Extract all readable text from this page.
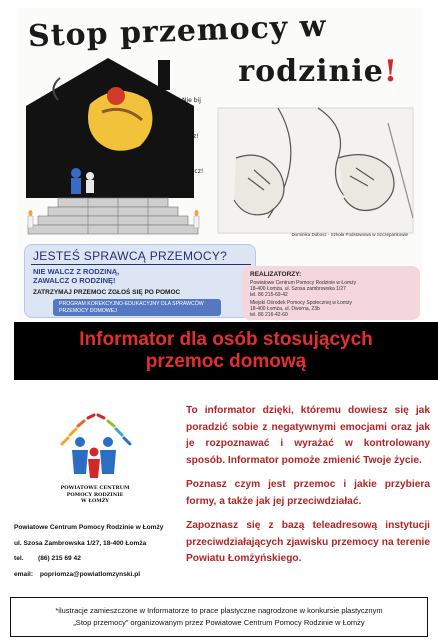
Nie bij
Nie dręcz!
Nie krzycz!
Stop przemocy w
rodzinie!
Dominika Dobosz - Szkoła Podstawowa w Szczepankowie
JESTEŚ SPRAWCĄ PRZEMOCY?
NIE WALCZ Z RODZINĄ,
ZAWALCZ O RODZINĘ!
ZATRZYMAJ PRZEMOC ZGŁOŚ SIĘ PO POMOC
PROGRAM KOREKCYJNO-EDUKACYJNY DLA SPRAWCÓW
PRZEMOCY DOMOWEJ
REALIZATORZY:
Powiatowe Centrum Pomocy Rodzinie w Łomży
18-400 Łomża, ul. Szosa zambrowska 1/27
tel. 86 215-69-42
Miejski Ośrodek Pomocy Społecznej w Łomży
18-400 Łomża, ul. Dworna, 23b
tel. 86 216-42-60
Informator dla osób stosujących
przemoc domową
POWIATOWE CENTRUM
POMOCY RODZINIE
W ŁOMŻY
Powiatowe Centrum Pomocy Rodzinie w Łomży
ul. Szosa Zambrowska 1/27, 18-400 Łomża
tel. (86) 215 69 42
email: popriomza@powiatlomzynski.pl

To informator dzięki, któremu dowiesz się jak poradzić sobie z negatywnymi emocjami oraz jak je rozpoznawać i wyrażać w kontrolowany sposób. Informator pomoże zmienić Twoje życie.

Poznasz czym jest przemoc i jakie przybiera formy, a także jak jej przeciwdziałać.

Zapoznasz się z bazą teleadresową instytucji przeciwdziałających zjawisku przemocy na terenie Powiatu Łomżyńskiego.

*ilustracje zamieszczone w Informatorze to prace plastyczne nagrodzone w konkursie plastycznym
„Stop przemocy” organizowanym przez Powiatowe Centrum Pomocy Rodzinie w Łomży
